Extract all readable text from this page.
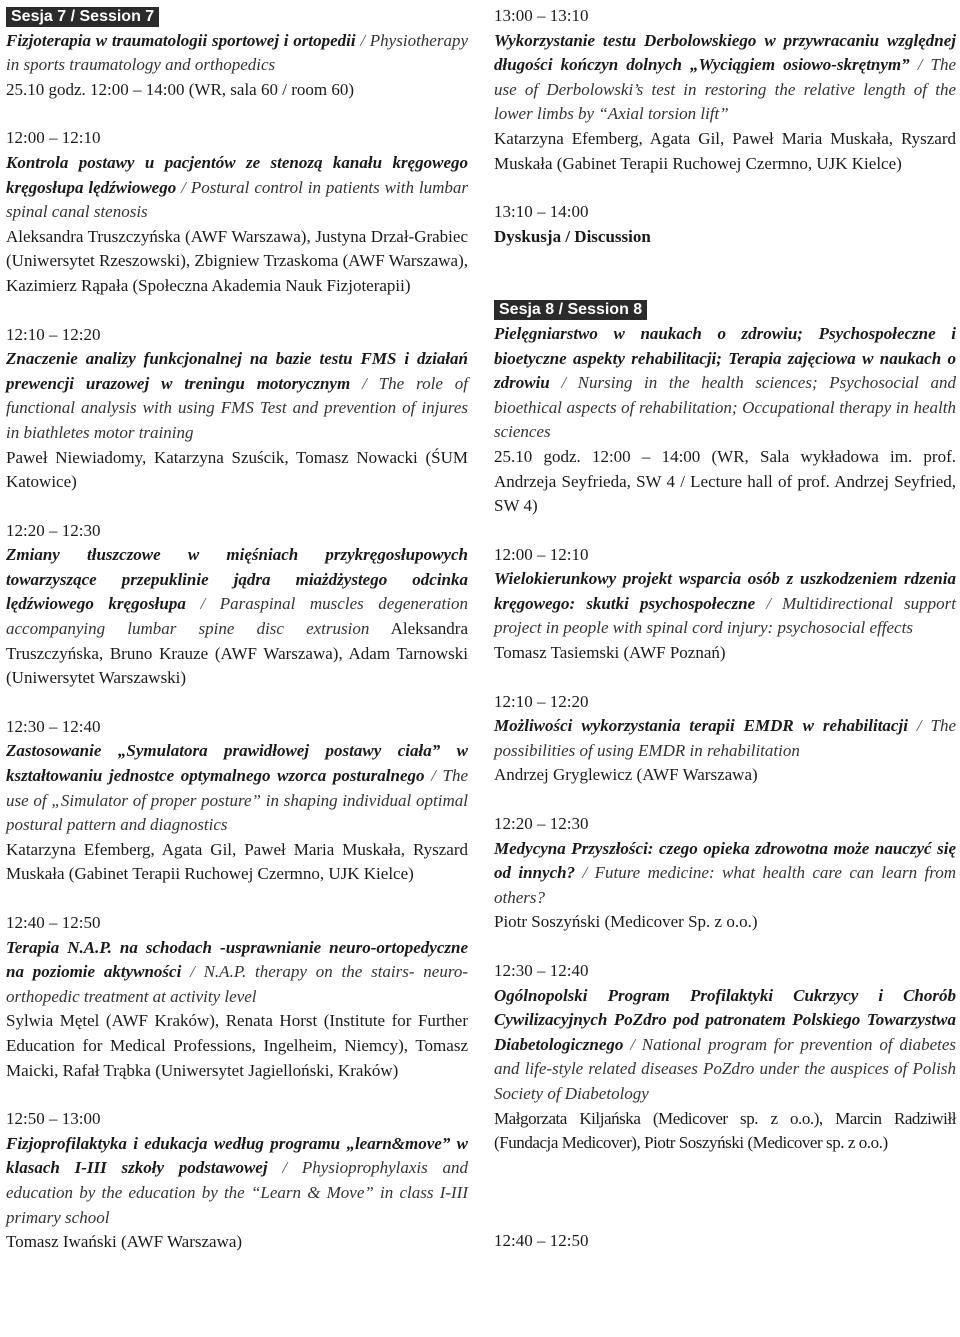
Sesja 7 / Session 7
Fizjoterapia w traumatologii sportowej i ortopedii / Physiotherapy in sports traumatology and orthopedics
25.10 godz. 12:00 – 14:00 (WR, sala 60 / room 60)
12:00 – 12:10
Kontrola postawy u pacjentów ze stenozą kanału kręgowego kręgosłupa lędźwiowego / Postural control in patients with lumbar spinal canal stenosis
Aleksandra Truszczyńska (AWF Warszawa), Justyna Drzał-Grabiec (Uniwersytet Rzeszowski), Zbigniew Trzaskoma (AWF Warszawa), Kazimierz Rąpała (Społeczna Akademia Nauk Fizjoterapii)
12:10 – 12:20
Znaczenie analizy funkcjonalnej na bazie testu FMS i działań prewencji urazowej w treningu motorycznym / The role of functional analysis with using FMS Test and prevention of injures in biathletes motor training
Paweł Niewiadomy, Katarzyna Szuścik, Tomasz Nowacki (ŚUM Katowice)
12:20 – 12:30
Zmiany tłuszczowe w mięśniach przykręgosłupowych towarzyszące przepuklinie jądra miażdżystego odcinka lędźwiowego kręgosłupa / Paraspinal muscles degeneration accompanying lumbar spine disc extrusion Aleksandra Truszczyńska, Bruno Krauze (AWF Warszawa), Adam Tarnowski (Uniwersytet Warszawski)
12:30 – 12:40
Zastosowanie „Symulatora prawidłowej postawy ciała” w kształtowaniu jednostce optymalnego wzorca posturalnego / The use of „Simulator of proper posture” in shaping individual optimal postural pattern and diagnostics
Katarzyna Efemberg, Agata Gil, Paweł Maria Muskała, Ryszard Muskała (Gabinet Terapii Ruchowej Czermno, UJK Kielce)
12:40 – 12:50
Terapia N.A.P. na schodach -usprawnianie neuro-ortopedyczne na poziomie aktywności / N.A.P. therapy on the stairs- neuro-orthopedic treatment at activity level
Sylwia Mętel (AWF Kraków), Renata Horst (Institute for Further Education for Medical Professions, Ingelheim, Niemcy), Tomasz Maicki, Rafał Trąbka (Uniwersytet Jagielloński, Kraków)
12:50 – 13:00
Fizjoprofilaktyka i edukacja według programu „learn&move” w klasach I-III szkoły podstawowej / Physioprophylaxis and education by the education by the “Learn & Move” in class I-III primary school
Tomasz Iwański (AWF Warszawa)
13:00 – 13:10
Wykorzystanie testu Derbolowskiego w przywracaniu względnej długości kończyn dolnych „Wyciągiem osiowo-skrętnym” / The use of Derbolowski’s test in restoring the relative length of the lower limbs by “Axial torsion lift”
Katarzyna Efemberg, Agata Gil, Paweł Maria Muskała, Ryszard Muskała (Gabinet Terapii Ruchowej Czermno, UJK Kielce)
13:10 – 14:00
Dyskusja / Discussion
Sesja 8 / Session 8
Pielęgniarstwo w naukach o zdrowiu; Psychospołeczne i bioetyczne aspekty rehabilitacji; Terapia zajęciowa w naukach o zdrowiu / Nursing in the health sciences; Psychosocial and bioethical aspects of rehabilitation; Occupational therapy in health sciences
25.10 godz. 12:00 – 14:00 (WR, Sala wykładowa im. prof. Andrzeja Seyfrieda, SW 4 / Lecture hall of prof. Andrzej Seyfried, SW 4)
12:00 – 12:10
Wielokierunkowy projekt wsparcia osób z uszkodzeniem rdzenia kręgowego: skutki psychospołeczne / Multidirectional support project in people with spinal cord injury: psychosocial effects
Tomasz Tasiemski (AWF Poznań)
12:10 – 12:20
Możliwości wykorzystania terapii EMDR w rehabilitacji / The possibilities of using EMDR in rehabilitation
Andrzej Gryglewicz (AWF Warszawa)
12:20 – 12:30
Medycyna Przyszłości: czego opieka zdrowotna może nauczyć się od innych? / Future medicine: what health care can learn from others?
Piotr Soszyński (Medicover Sp. z o.o.)
12:30 – 12:40
Ogólnopolski Program Profilaktyki Cukrzycy i Chorób Cywilizacyjnych PoZdro pod patronatem Polskiego Towarzystwa Diabetologicznego / National program for prevention of diabetes and life-style related diseases PoZdro under the auspices of Polish Society of Diabetology
Małgorzata Kiljańska (Medicover sp. z o.o.), Marcin Radziwiłł (Fundacja Medicover), Piotr Soszyński (Medicover sp. z o.o.)
12:40 – 12:50
